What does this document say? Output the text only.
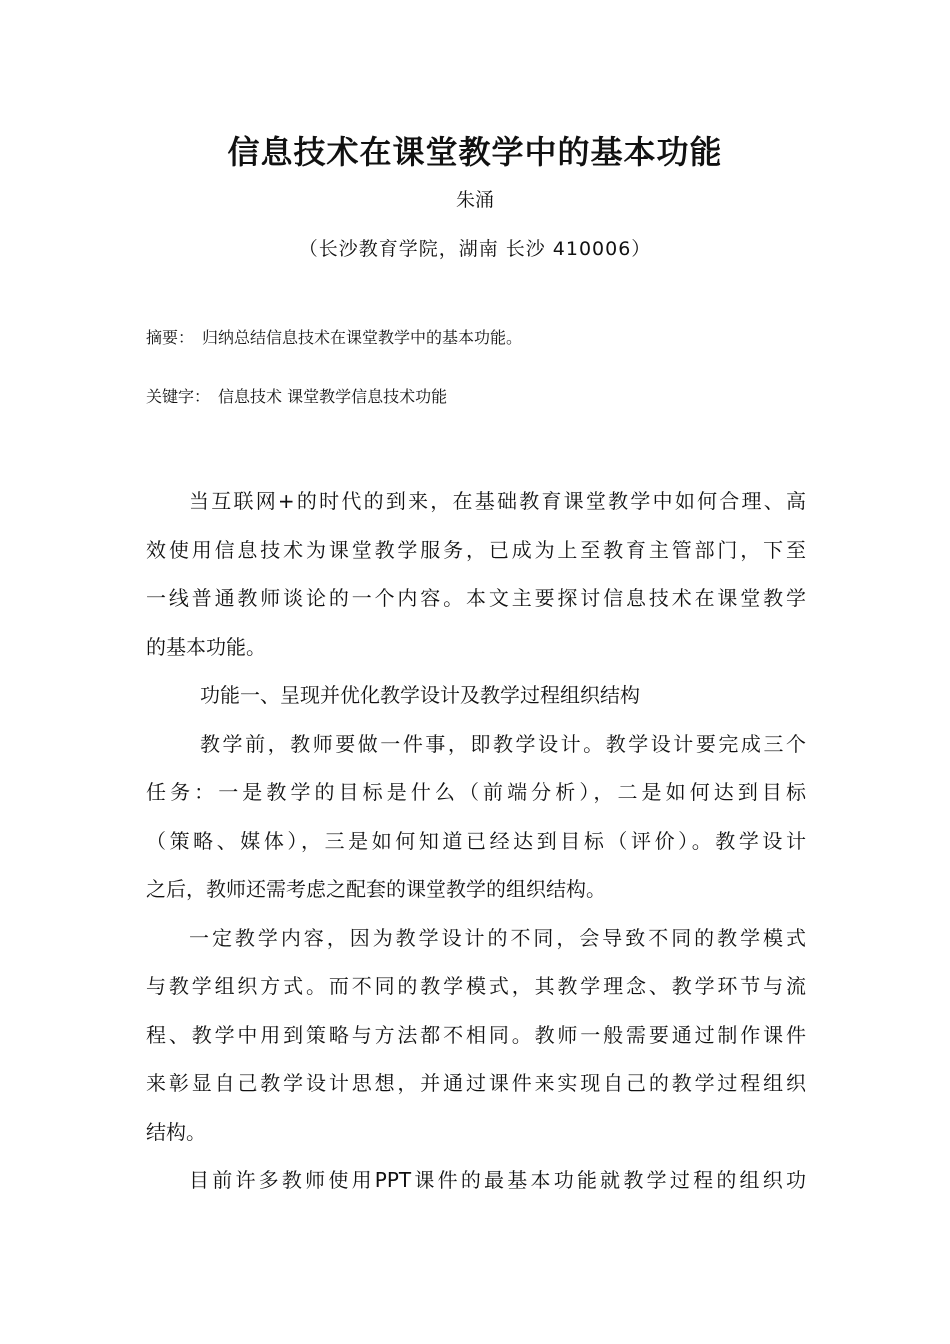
信息技术在课堂教学中的基本功能
朱涌
（长沙教育学院，湖南 长沙 410006）
摘要： 归纳总结信息技术在课堂教学中的基本功能。
关键字： 信息技术 课堂教学信息技术功能
当互联网+的时代的到来，在基础教育课堂教学中如何合理、高
效使用信息技术为课堂教学服务，已成为上至教育主管部门，下至
一线普通教师谈论的一个内容。本文主要探讨信息技术在课堂教学
的基本功能。
功能一、呈现并优化教学设计及教学过程组织结构
教学前，教师要做一件事，即教学设计。教学设计要完成三个
任务：一是教学的目标是什么（前端分析），二是如何达到目标
（策略、媒体），三是如何知道已经达到目标（评价）。教学设计
之后，教师还需考虑之配套的课堂教学的组织结构。
一定教学内容，因为教学设计的不同，会导致不同的教学模式
与教学组织方式。而不同的教学模式，其教学理念、教学环节与流
程、教学中用到策略与方法都不相同。教师一般需要通过制作课件
来彰显自己教学设计思想，并通过课件来实现自己的教学过程组织
结构。
目前许多教师使用PPT课件的最基本功能就教学过程的组织功
